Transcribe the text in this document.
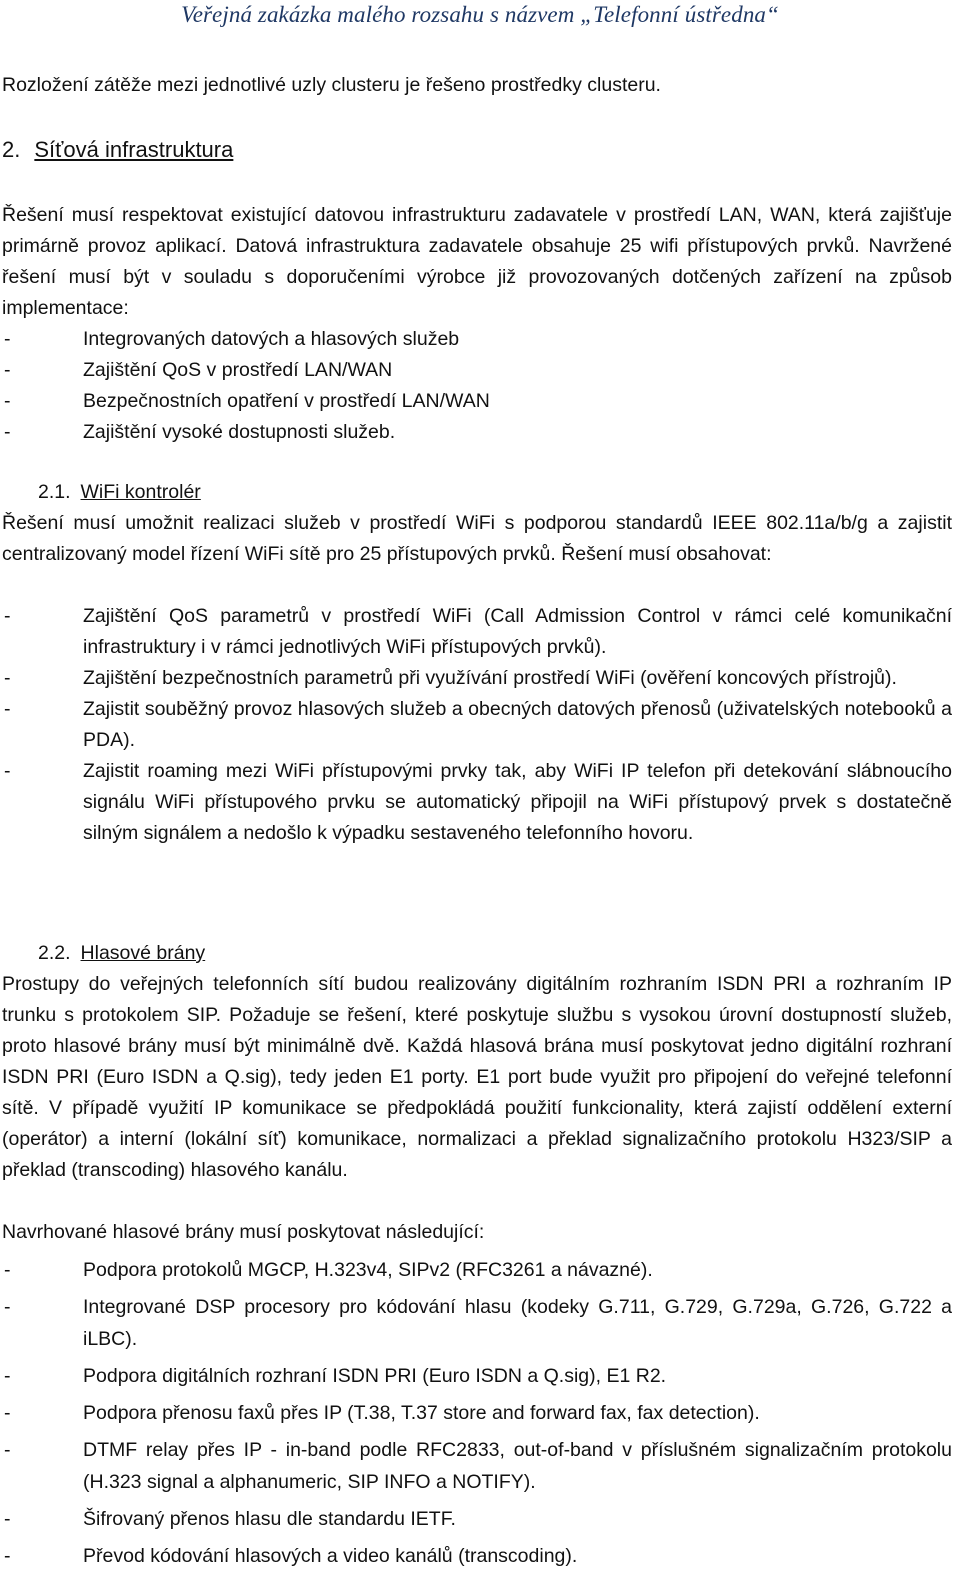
Veřejná zakázka malého rozsahu s názvem „Telefonní ústředna“
Rozložení zátěže mezi jednotlivé uzly clusteru je řešeno prostředky clusteru.
2. Síťová infrastruktura
Řešení musí respektovat existující datovou infrastrukturu zadavatele v prostředí LAN, WAN, která zajišťuje primárně provoz aplikací. Datová infrastruktura zadavatele obsahuje 25 wifi přístupových prvků. Navržené řešení musí být v souladu s doporučeními výrobce již provozovaných dotčených zařízení na způsob implementace:
- Integrovaných datových a hlasových služeb
- Zajištění QoS v prostředí LAN/WAN
- Bezpečnostních opatření v prostředí LAN/WAN
- Zajištění vysoké dostupnosti služeb.
2.1. WiFi kontrolér
Řešení musí umožnit realizaci služeb v prostředí WiFi s podporou standardů IEEE 802.11a/b/g a zajistit centralizovaný model řízení WiFi sítě pro 25 přístupových prvků. Řešení musí obsahovat:
- Zajištění QoS parametrů v prostředí WiFi (Call Admission Control v rámci celé komunikační infrastruktury i v rámci jednotlivých WiFi přístupových prvků).
- Zajištění bezpečnostních parametrů při využívání prostředí WiFi (ověření koncových přístrojů).
- Zajistit souběžný provoz hlasových služeb a obecných datových přenosů (uživatelských notebooků a PDA).
- Zajistit roaming mezi WiFi přístupovými prvky tak, aby WiFi IP telefon při detekování slábnoucího signálu WiFi přístupového prvku se automatický připojil na WiFi přístupový prvek s dostatečně silným signálem a nedošlo k výpadku sestaveného telefonního hovoru.
2.2. Hlasové brány
Prostupy do veřejných telefonních sítí budou realizovány digitálním rozhraním ISDN PRI a rozhraním IP trunku s protokolem SIP. Požaduje se řešení, které poskytuje službu s vysokou úrovní dostupností služeb, proto hlasové brány musí být minimálně dvě. Každá hlasová brána musí poskytovat jedno digitální rozhraní ISDN PRI (Euro ISDN a Q.sig), tedy jeden E1 porty. E1 port bude využit pro připojení do veřejné telefonní sítě. V případě využití IP komunikace se předpokládá použití funkcionality, která zajistí oddělení externí (operátor) a interní (lokální síť) komunikace, normalizaci a překlad signalizačního protokolu H323/SIP a překlad (transcoding) hlasového kanálu.
Navrhované hlasové brány musí poskytovat následující:
- Podpora protokolů MGCP, H.323v4, SIPv2 (RFC3261 a návazné).
- Integrované DSP procesory pro kódování hlasu (kodeky G.711, G.729, G.729a, G.726, G.722 a iLBC).
- Podpora digitálních rozhraní ISDN PRI (Euro ISDN a Q.sig), E1 R2.
- Podpora přenosu faxů přes IP (T.38, T.37 store and forward fax, fax detection).
- DTMF relay přes IP - in-band podle RFC2833, out-of-band v příslušném signalizačním protokolu (H.323 signal a alphanumeric, SIP INFO a NOTIFY).
- Šifrovaný přenos hlasu dle standardu IETF.
- Převod kódování hlasových a video kanálů (transcoding).
